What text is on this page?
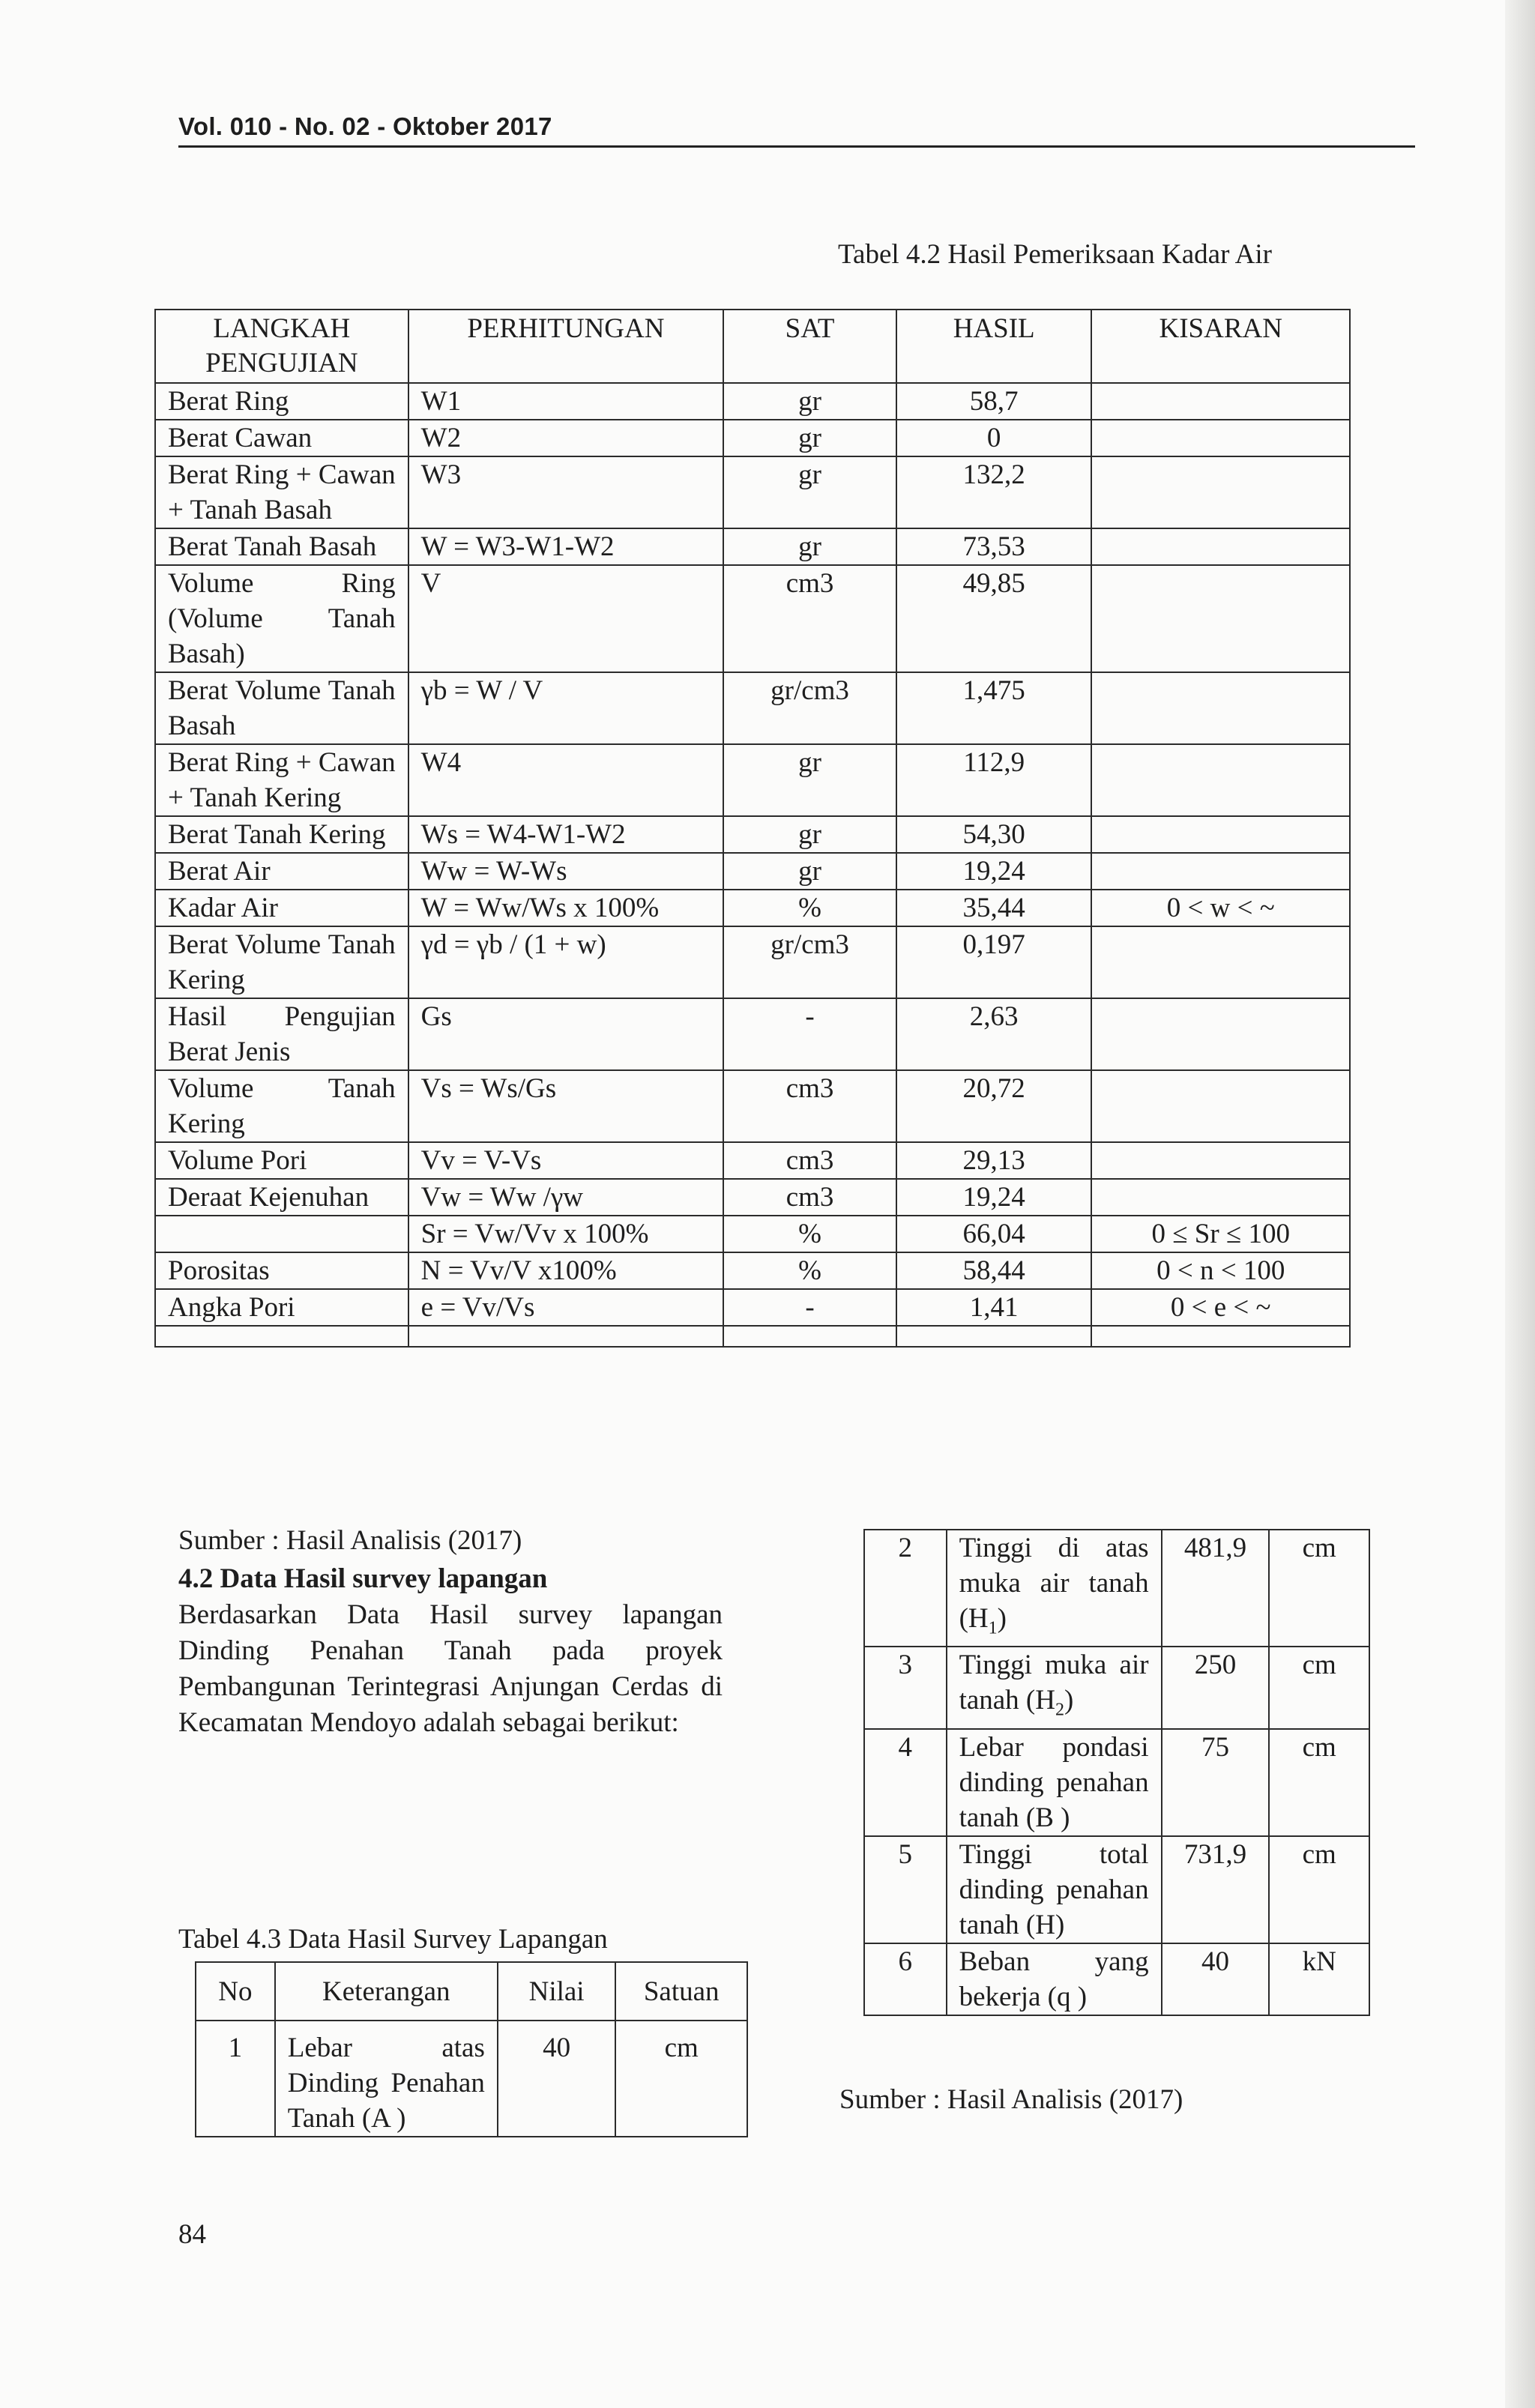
Vol. 010 - No. 02 - Oktober 2017
Tabel 4.2 Hasil Pemeriksaan Kadar Air
LANGKAH PENGUJIAN	PERHITUNGAN	SAT	HASIL	KISARAN
Berat Ring	W1	gr	58,7	
Berat Cawan	W2	gr	0	
Berat Ring + Cawan + Tanah Basah	W3	gr	132,2	
Berat Tanah Basah	W = W3-W1-W2	gr	73,53	
Volume Ring (Volume Tanah Basah)	V	cm3	49,85	
Berat Volume Tanah Basah	γb = W / V	gr/cm3	1,475	
Berat Ring + Cawan + Tanah Kering	W4	gr	112,9	
Berat Tanah Kering	Ws = W4-W1-W2	gr	54,30	
Berat Air	Ww = W-Ws	gr	19,24	
Kadar Air	W = Ww/Ws x 100%	%	35,44	0 < w < ~
Berat Volume Tanah Kering	γd = γb / (1 + w)	gr/cm3	0,197	
Hasil Pengujian Berat Jenis	Gs	-	2,63	
Volume Tanah Kering	Vs = Ws/Gs	cm3	20,72	
Volume Pori	Vv = V-Vs	cm3	29,13	
Deraat Kejenuhan	Vw = Ww /γw	cm3	19,24	
	Sr = Vw/Vv x 100%	%	66,04	0 ≤ Sr ≤ 100
Porositas	N = Vv/V x100%	%	58,44	0 < n < 100
Angka Pori	e = Vv/Vs	-	1,41	0 < e < ~

Sumber : Hasil Analisis (2017)
4.2 Data Hasil survey lapangan

Berdasarkan Data Hasil survey lapangan Dinding Penahan Tanah pada proyek Pembangunan Terintegrasi Anjungan Cerdas di Kecamatan Mendoyo adalah sebagai berikut:

Tabel 4.3 Data Hasil Survey Lapangan
No	Keterangan	Nilai	Satuan
1	Lebar atas Dinding Penahan Tanah (A )	40	cm
2	Tinggi di atas muka air tanah $(H_1)$	481,9	cm
3	Tinggi muka air tanah $(H_2)$	250	cm
4	Lebar pondasi dinding penahan tanah (B )	75	cm
5	Tinggi total dinding penahan tanah (H)	731,9	cm
6	Beban yang bekerja (q )	40	kN
Sumber : Hasil Analisis (2017)
84
